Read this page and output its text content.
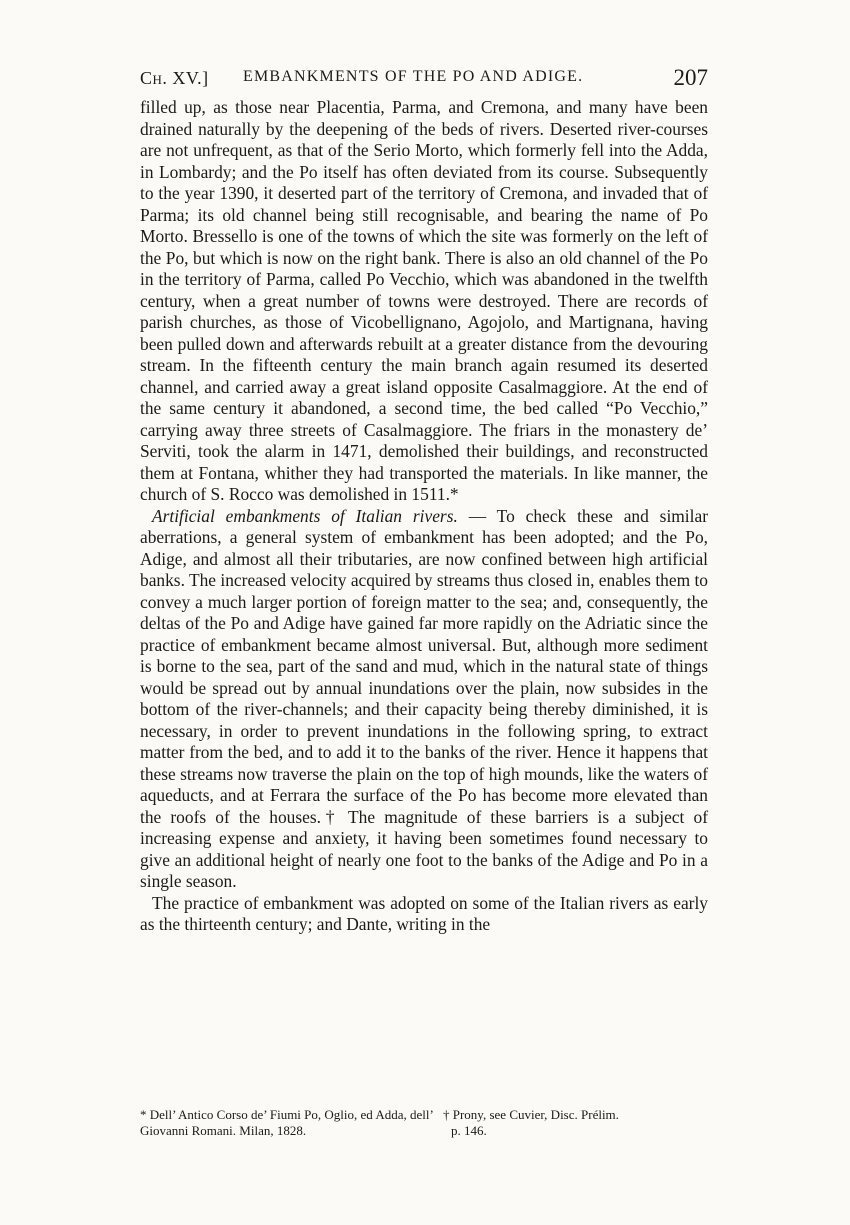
Ch. XV.] EMBANKMENTS OF THE PO AND ADIGE.	207

filled up, as those near Placentia, Parma, and Cremona, and many have been drained naturally by the deepening of the beds of rivers. Deserted river-courses are not unfrequent, as that of the Serio Morto, which formerly fell into the Adda, in Lombardy; and the Po itself has often deviated from its course. Subsequently to the year 1390, it deserted part of the territory of Cremona, and invaded that of Parma; its old channel being still recognisable, and bearing the name of Po Morto. Bressello is one of the towns of which the site was formerly on the left of the Po, but which is now on the right bank. There is also an old channel of the Po in the territory of Parma, called Po Vecchio, which was abandoned in the twelfth century, when a great number of towns were destroyed. There are records of parish churches, as those of Vicobellignano, Agojolo, and Martignana, having been pulled down and afterwards rebuilt at a greater distance from the devouring stream. In the fifteenth century the main branch again resumed its deserted channel, and carried away a great island opposite Casalmaggiore. At the end of the same century it abandoned, a second time, the bed called “Po Vecchio,” carrying away three streets of Casalmaggiore. The friars in the monastery de’ Serviti, took the alarm in 1471, demolished their buildings, and reconstructed them at Fontana, whither they had transported the materials. In like manner, the church of S. Rocco was demolished in 1511.*

Artificial embankments of Italian rivers. — To check these and similar aberrations, a general system of embankment has been adopted; and the Po, Adige, and almost all their tributaries, are now confined between high artificial banks. The increased velocity acquired by streams thus closed in, enables them to convey a much larger portion of foreign matter to the sea; and, consequently, the deltas of the Po and Adige have gained far more rapidly on the Adriatic since the practice of embankment became almost universal. But, although more sediment is borne to the sea, part of the sand and mud, which in the natural state of things would be spread out by annual inundations over the plain, now subsides in the bottom of the river-channels; and their capacity being thereby diminished, it is necessary, in order to prevent inundations in the following spring, to extract matter from the bed, and to add it to the banks of the river. Hence it happens that these streams now traverse the plain on the top of high mounds, like the waters of aqueducts, and at Ferrara the surface of the Po has become more elevated than the roofs of the houses.† The magnitude of these barriers is a subject of increasing expense and anxiety, it having been sometimes found necessary to give an additional height of nearly one foot to the banks of the Adige and Po in a single season.

The practice of embankment was adopted on some of the Italian rivers as early as the thirteenth century; and Dante, writing in the

* Dell’ Antico Corso de’ Fiumi Po, Oglio, ed Adda, dell’ Giovanni Romani. Milan, 1828.
† Prony, see Cuvier, Disc. Prélim.
p. 146.
